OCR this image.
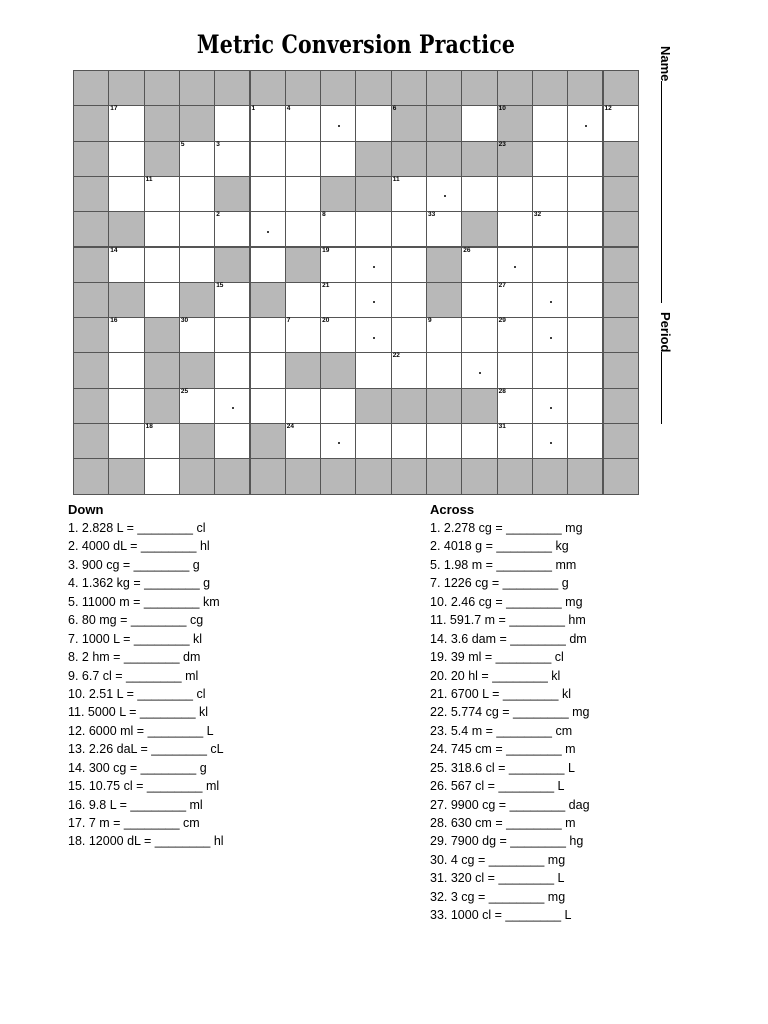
Metric Conversion Practice
17	1	4	6	10	12
5	3	23
11	11
2	8	33	32
14	19	26
15	21	27
16	30	7	20	9	29
22
25	28
18	24	31
Name
Period
Down
1. 2.828 L = ________ cl
2. 4000 dL = ________ hl
3. 900 cg = ________ g
4. 1.362 kg = ________ g
5. 11000 m = ________ km
6. 80 mg = ________ cg
7. 1000 L = ________ kl
8. 2 hm = ________ dm
9. 6.7 cl = ________ ml
10. 2.51 L = ________ cl
11. 5000 L = ________ kl
12. 6000 ml = ________ L
13. 2.26 daL = ________ cL
14. 300 cg = ________ g
15. 10.75 cl = ________ ml
16. 9.8 L = ________ ml
17. 7 m = ________ cm
18. 12000 dL = ________ hl
Across
1. 2.278 cg = ________ mg
2. 4018 g = ________ kg
5. 1.98 m = ________ mm
7. 1226 cg = ________ g
10. 2.46 cg = ________ mg
11. 591.7 m = ________ hm
14. 3.6 dam = ________ dm
19. 39 ml = ________ cl
20. 20 hl = ________ kl
21. 6700 L = ________ kl
22. 5.774 cg = ________ mg
23. 5.4 m = ________ cm
24. 745 cm = ________ m
25. 318.6 cl = ________ L
26. 567 cl = ________ L
27. 9900 cg = ________ dag
28. 630 cm = ________ m
29. 7900 dg = ________ hg
30. 4 cg = ________ mg
31. 320 cl = ________ L
32. 3 cg = ________ mg
33. 1000 cl = ________ L
